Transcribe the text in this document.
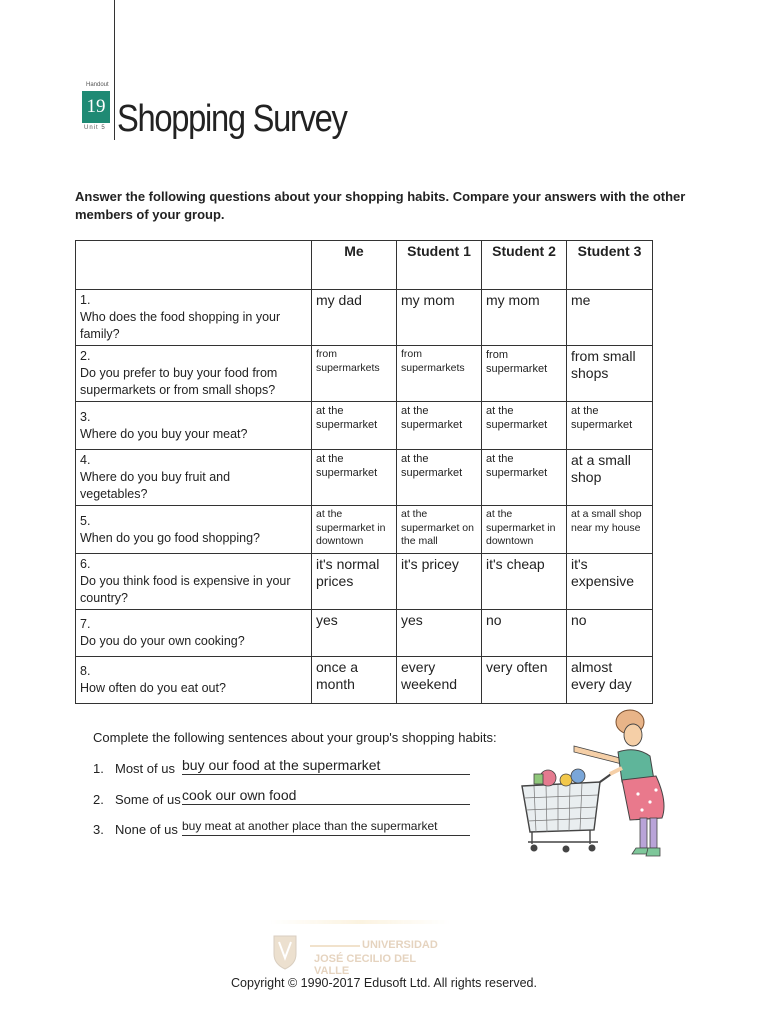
Handout
19
Unit 5 Shopping Survey
Answer the following questions about your shopping habits. Compare your answers with the other members of your group.
	Me	Student 1	Student 2	Student 3
1.Who does the food shopping in your family?	my dad	my mom	my mom	me
2.Do you prefer to buy your food from supermarkets or from small shops?	from supermarkets	from supermarkets	from supermarket	from small shops
3.Where do you buy your meat?	at the supermarket	at the supermarket	at the supermarket	at the supermarket
4.Where do you buy fruit and vegetables?	at the supermarket	at the supermarket	at the supermarket	at a small shop
5.When do you go food shopping?	at the supermarket in downtown	at the supermarket on the mall	at the supermarket in downtown	at a small shop near my house
6.Do you think food is expensive in your country?	it's normal prices	it's pricey	it's cheap	it's expensive
7.Do you do your own cooking?	yes	yes	no	no
8.How often do you eat out?	once a month	every weekend	very often	almost every day
Complete the following sentences about your group's shopping habits:
1. Most of us buy our food at the supermarket
2. Some of us cook our own food
3. None of us buy meat at another place than the supermarket
UNIVERSIDAD
JOSÉ CECILIO DEL VALLE
Copyright © 1990-2017 Edusoft Ltd. All rights reserved.
